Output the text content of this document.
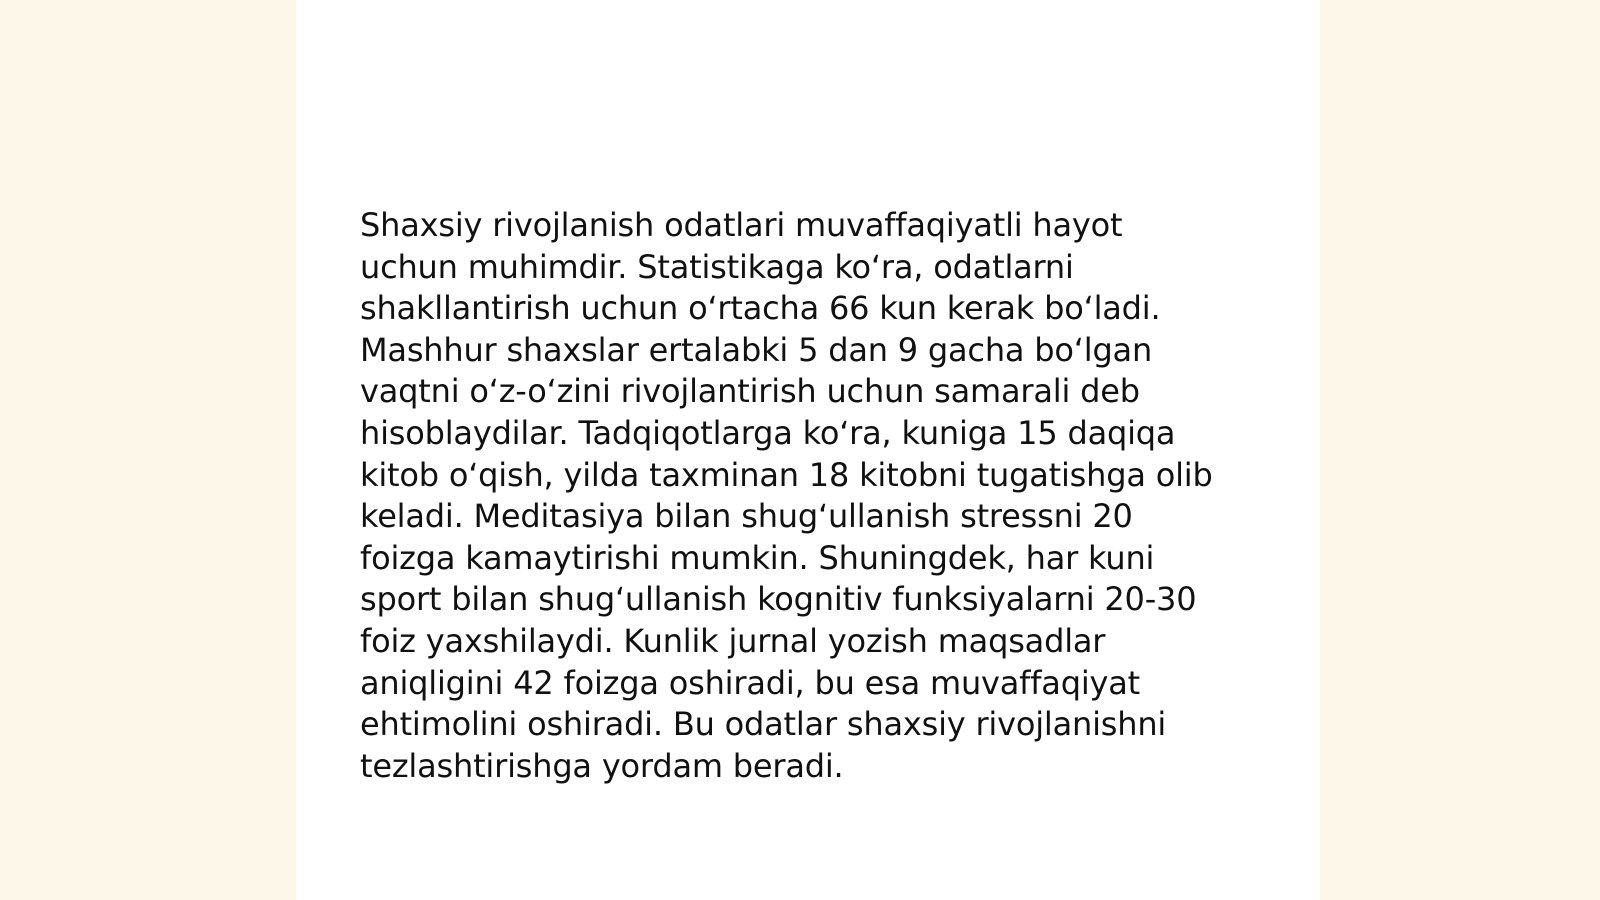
Shaxsiy rivojlanish odatlari muvaffaqiyatli hayot
uchun muhimdir. Statistikaga koʻra, odatlarni
shakllantirish uchun oʻrtacha 66 kun kerak boʻladi.
Mashhur shaxslar ertalabki 5 dan 9 gacha boʻlgan
vaqtni oʻz-oʻzini rivojlantirish uchun samarali deb
hisoblaydilar. Tadqiqotlarga koʻra, kuniga 15 daqiqa
kitob oʻqish, yilda taxminan 18 kitobni tugatishga olib
keladi. Meditasiya bilan shugʻullanish stressni 20
foizga kamaytirishi mumkin. Shuningdek, har kuni
sport bilan shugʻullanish kognitiv funksiyalarni 20-30
foiz yaxshilaydi. Kunlik jurnal yozish maqsadlar
aniqligini 42 foizga oshiradi, bu esa muvaffaqiyat
ehtimolini oshiradi. Bu odatlar shaxsiy rivojlanishni
tezlashtirishga yordam beradi.
